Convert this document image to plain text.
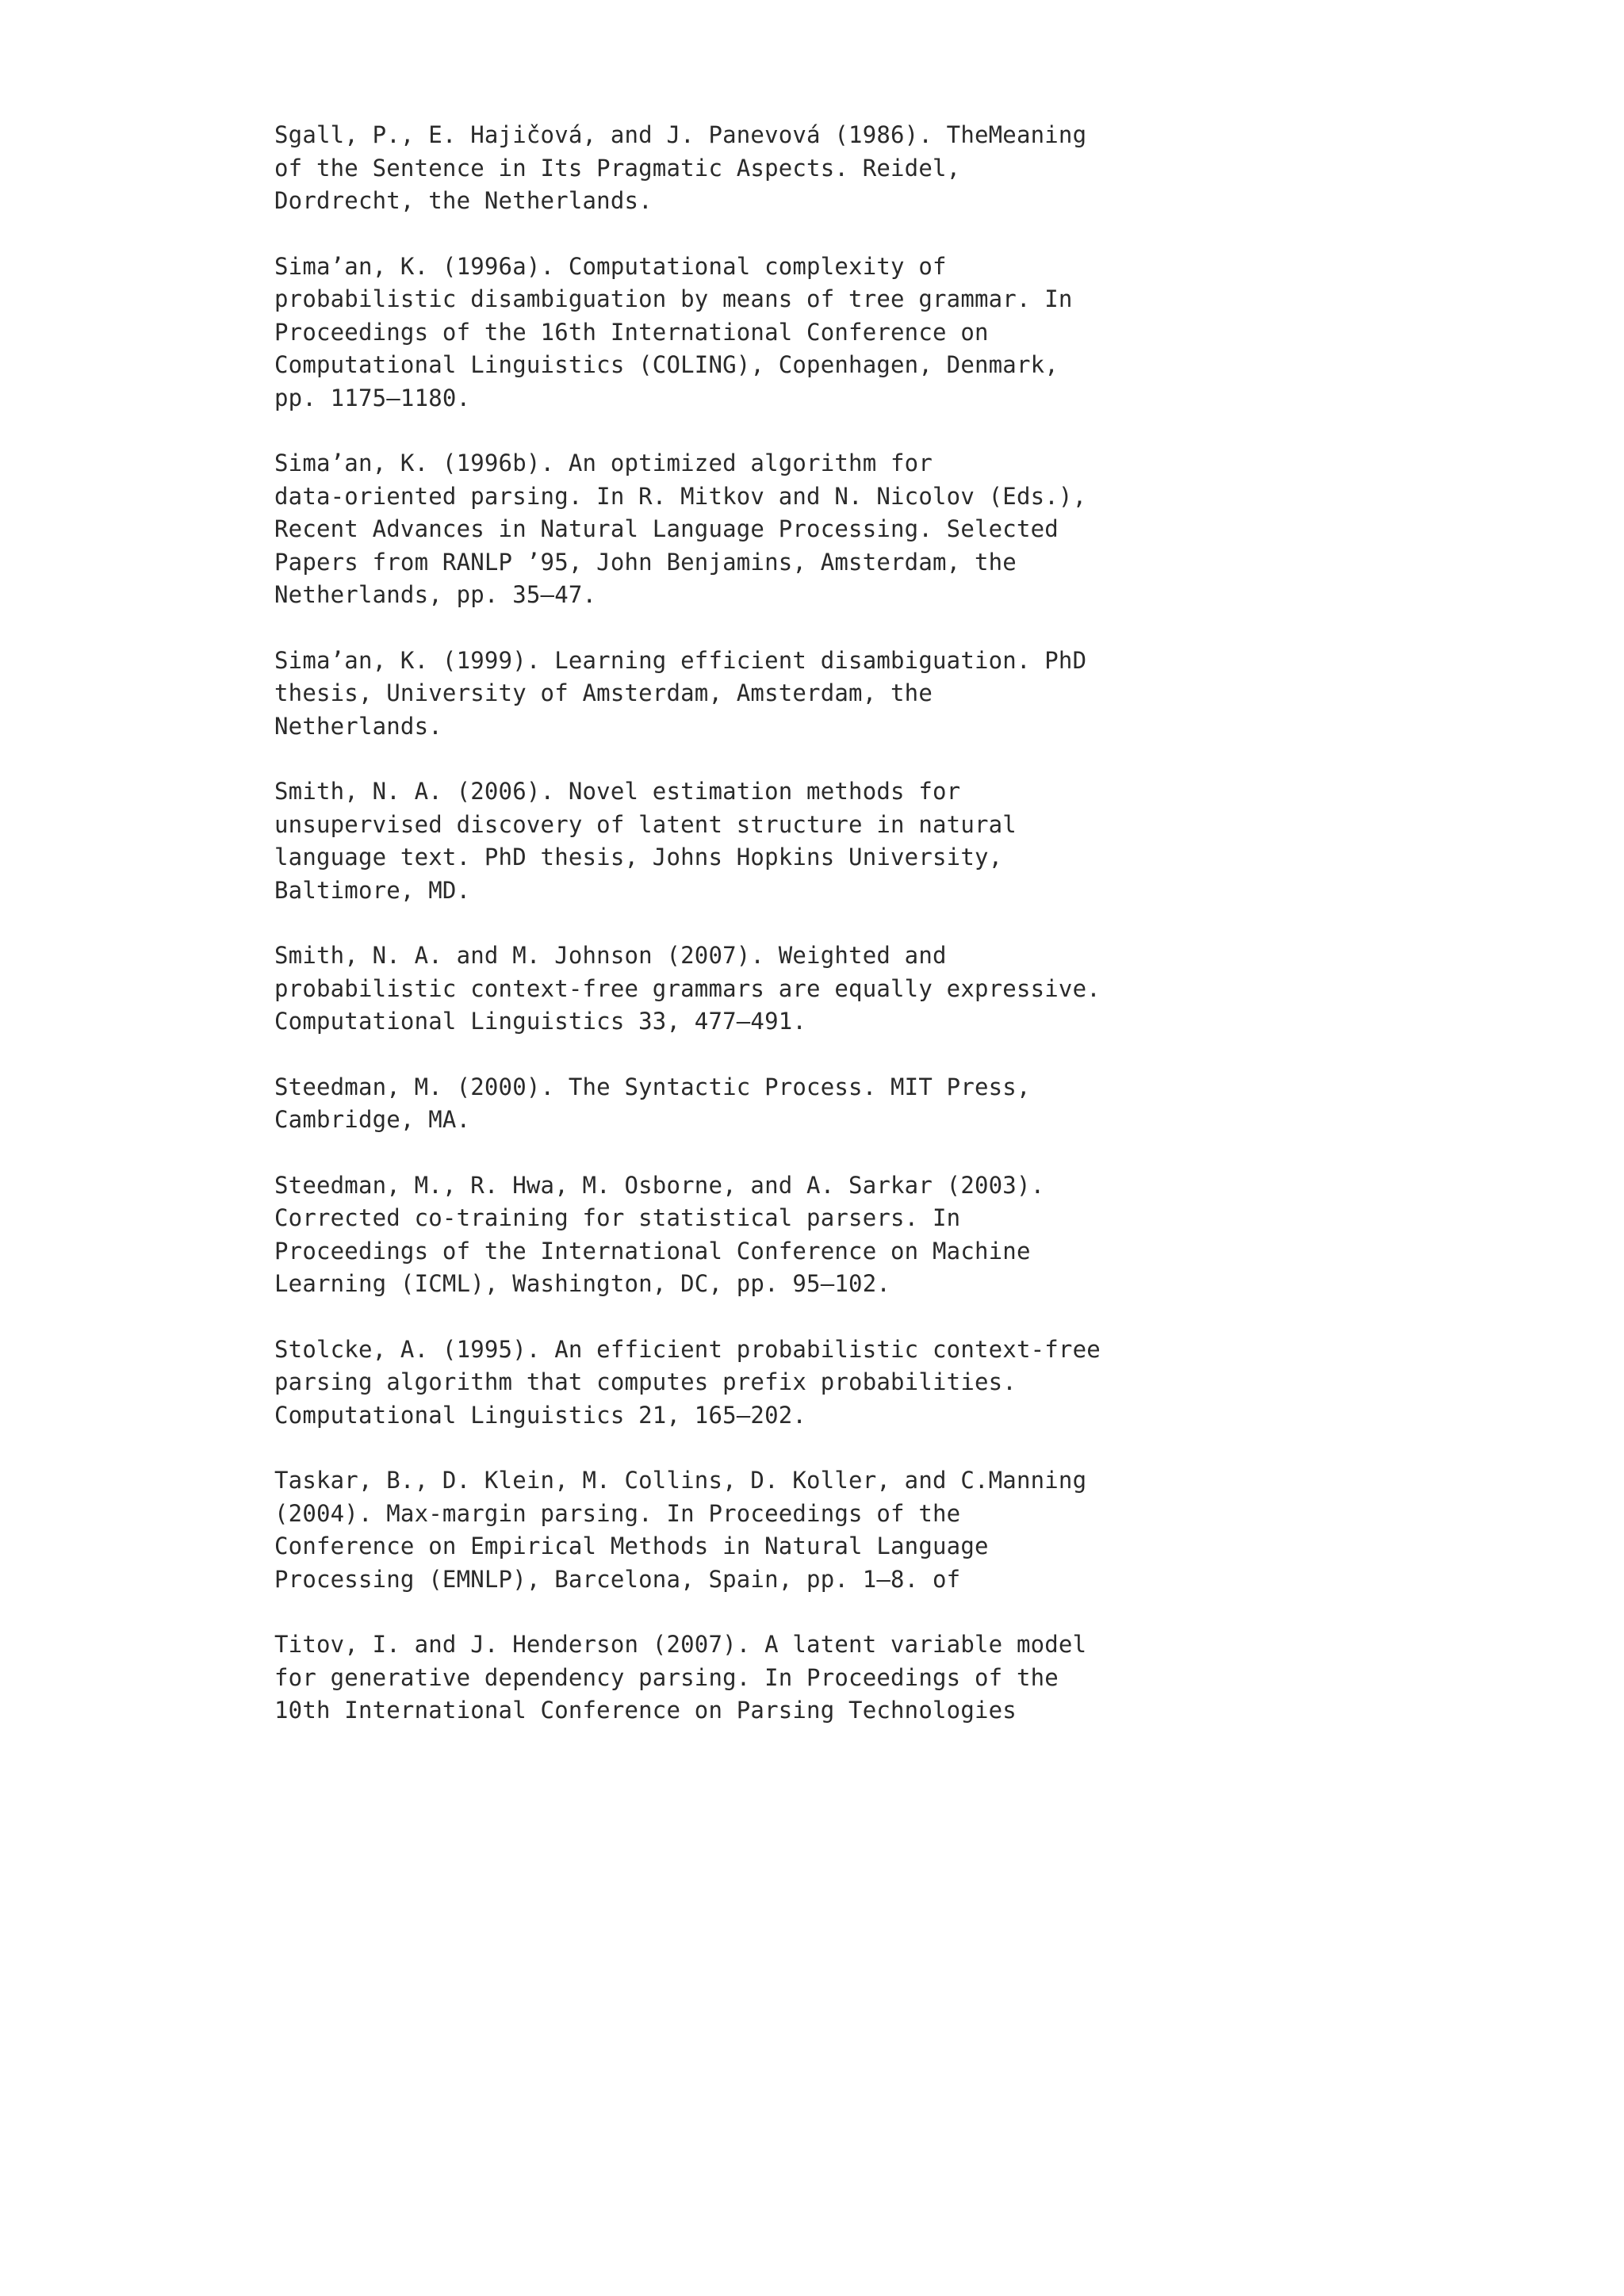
Sgall, P., E. Hajičová, and J. Panevová (1986). TheMeaning
of the Sentence in Its Pragmatic Aspects. Reidel,
Dordrecht, the Netherlands.
Sima’an, K. (1996a). Computational complexity of
probabilistic disambiguation by means of tree grammar. In
Proceedings of the 16th International Conference on
Computational Linguistics (COLING), Copenhagen, Denmark,
pp. 1175–1180.
Sima’an, K. (1996b). An optimized algorithm for
data-oriented parsing. In R. Mitkov and N. Nicolov (Eds.),
Recent Advances in Natural Language Processing. Selected
Papers from RANLP ’95, John Benjamins, Amsterdam, the
Netherlands, pp. 35–47.
Sima’an, K. (1999). Learning efficient disambiguation. PhD
thesis, University of Amsterdam, Amsterdam, the
Netherlands.
Smith, N. A. (2006). Novel estimation methods for
unsupervised discovery of latent structure in natural
language text. PhD thesis, Johns Hopkins University,
Baltimore, MD.
Smith, N. A. and M. Johnson (2007). Weighted and
probabilistic context-free grammars are equally expressive.
Computational Linguistics 33, 477–491.
Steedman, M. (2000). The Syntactic Process. MIT Press,
Cambridge, MA.
Steedman, M., R. Hwa, M. Osborne, and A. Sarkar (2003).
Corrected co-training for statistical parsers. In
Proceedings of the International Conference on Machine
Learning (ICML), Washington, DC, pp. 95–102.
Stolcke, A. (1995). An efficient probabilistic context-free
parsing algorithm that computes prefix probabilities.
Computational Linguistics 21, 165–202.
Taskar, B., D. Klein, M. Collins, D. Koller, and C.Manning
(2004). Max-margin parsing. In Proceedings of the
Conference on Empirical Methods in Natural Language
Processing (EMNLP), Barcelona, Spain, pp. 1–8. of
Titov, I. and J. Henderson (2007). A latent variable model
for generative dependency parsing. In Proceedings of the
10th International Conference on Parsing Technologies
